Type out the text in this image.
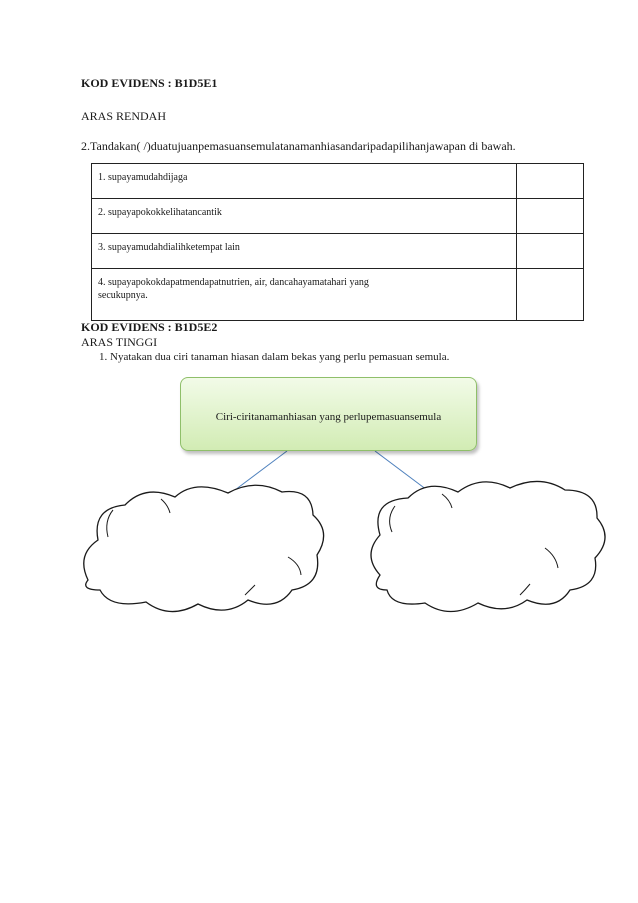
KOD EVIDENS : B1D5E1
ARAS RENDAH
2.Tandakan( /)duatujuanpemasuansemulatanamanhiasandaripadapilihanjawapan di bawah.
1. supayamudahdijaga	
2. supayapokokkelihatancantik	
3. supayamudahdialihketempat lain	

4. supayapokokdapatmendapatnutrien, air, dancahayamatahari yang
secukupnya.	

KOD EVIDENS : B1D5E2
ARAS TINGGI
1. Nyatakan dua ciri tanaman hiasan dalam bekas yang perlu pemasuan semula.
Ciri-ciritanamanhiasan yang perlupemasuansemula
